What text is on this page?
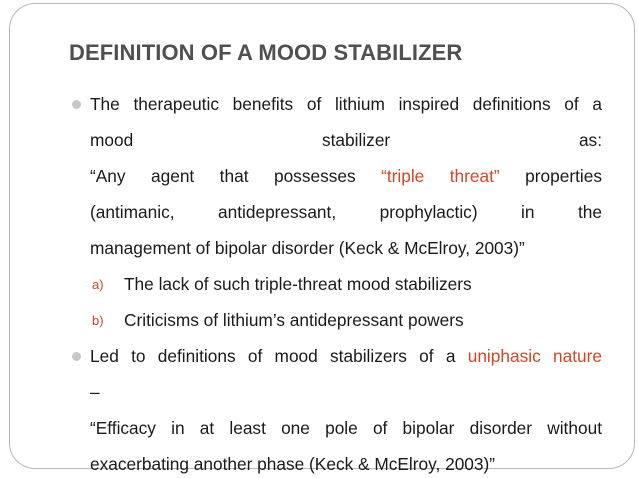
DEFINITION OF A MOOD STABILIZER
The therapeutic benefits of lithium inspired definitions of a
mood stabilizer as:
“Any agent that possesses “triple threat” properties
(antimanic, antidepressant, prophylactic) in the
management of bipolar disorder (Keck & McElroy, 2003)”
a) The lack of such triple-threat mood stabilizers
b) Criticisms of lithium’s antidepressant powers
Led to definitions of mood stabilizers of a uniphasic nature
–
“Efficacy in at least one pole of bipolar disorder without
exacerbating another phase (Keck & McElroy, 2003)”
